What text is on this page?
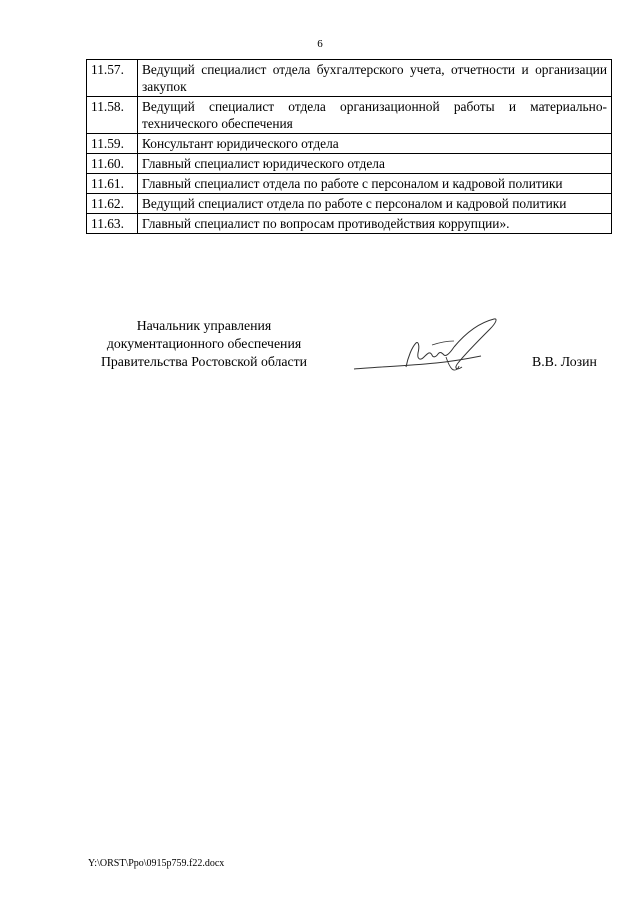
6
11.57.	Ведущий специалист отдела бухгалтерского учета, отчетности и организации закупок
11.58.	Ведущий специалист отдела организационной работы и материально-технического обеспечения
11.59.	Консультант юридического отдела
11.60.	Главный специалист юридического отдела
11.61.	Главный специалист отдела по работе с персоналом и кадровой политики
11.62.	Ведущий специалист отдела по работе с персоналом и кадровой политики
11.63.	Главный специалист по вопросам противодействия коррупции».
Начальник управления
документационного обеспечения
Правительства Ростовской области	В.В. Лозин
Y:\ORST\Ppo\0915p759.f22.docx
